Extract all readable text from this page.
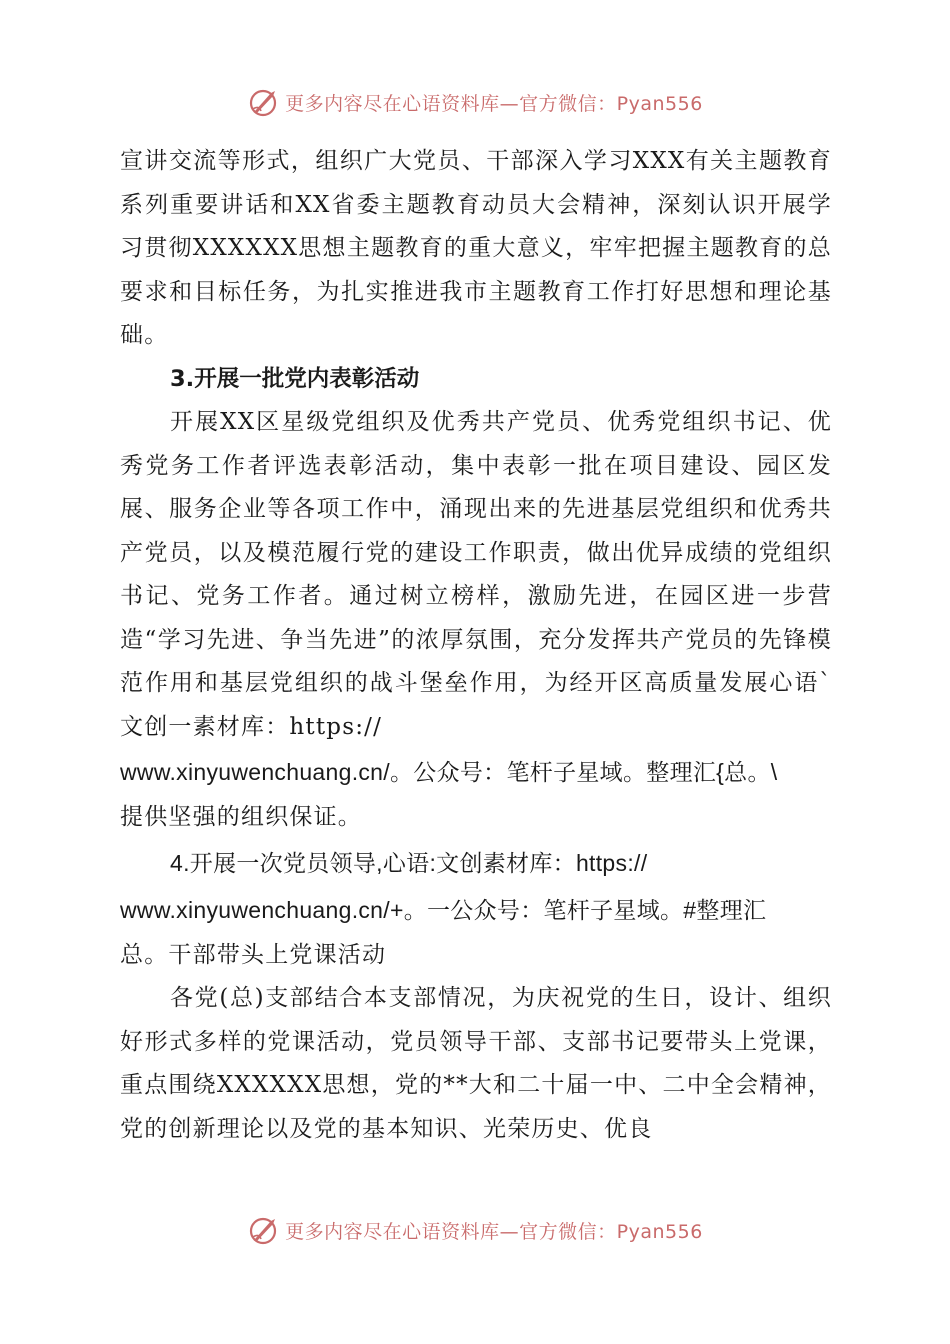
更多内容尽在心语资料库—官方微信：Pyan556

宣讲交流等形式，组织广大党员、干部深入学习XXX有关主题教育系列重要讲话和XX省委主题教育动员大会精神，深刻认识开展学习贯彻XXXXXX思想主题教育的重大意义，牢牢把握主题教育的总要求和目标任务，为扎实推进我市主题教育工作打好思想和理论基础。

3.开展一批党内表彰活动

开展XX区星级党组织及优秀共产党员、优秀党组织书记、优秀党务工作者评选表彰活动，集中表彰一批在项目建设、园区发展、服务企业等各项工作中，涌现出来的先进基层党组织和优秀共产党员，以及模范履行党的建设工作职责，做出优异成绩的党组织书记、党务工作者。通过树立榜样，激励先进，在园区进一步营造“学习先进、争当先进”的浓厚氛围，充分发挥共产党员的先锋模范作用和基层党组织的战斗堡垒作用，为经开区高质量发展心语`文创一素材库：https://

www.xinyuwenchuang.cn/。公众号：笔杆子星域。整理汇{总。\

提供坚强的组织保证。

4.开展一次党员领导,心语:文创素材库：https://

www.xinyuwenchuang.cn/+。一公众号：笔杆子星域。#整理汇

总。干部带头上党课活动

各党(总)支部结合本支部情况，为庆祝党的生日，设计、组织好形式多样的党课活动，党员领导干部、支部书记要带头上党课，重点围绕XXXXXX思想，党的**大和二十届一中、二中全会精神，党的创新理论以及党的基本知识、光荣历史、优良

更多内容尽在心语资料库—官方微信：Pyan556
